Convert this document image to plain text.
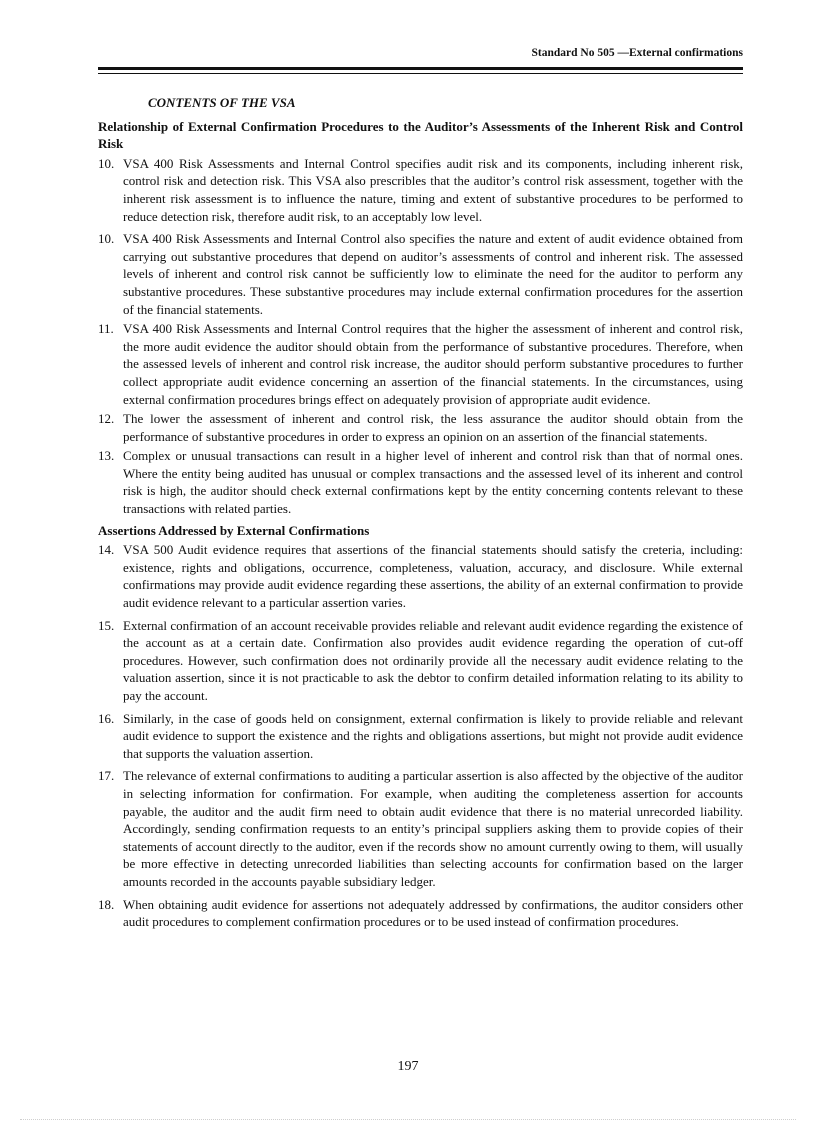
Standard No 505 —External confirmations
CONTENTS OF THE VSA
Relationship of External Confirmation Procedures to the Auditor’s Assessments of the Inherent Risk and Control Risk
10. VSA 400 Risk Assessments and Internal Control specifies audit risk and its components, including inherent risk, control risk and detection risk. This VSA also prescribles that the auditor’s control risk assessment, together with the inherent risk assessment is to influence the nature, timing and extent of substantive procedures to be performed to reduce detection risk, therefore audit risk, to an acceptably low level.
10. VSA 400 Risk Assessments and Internal Control also specifies the nature and extent of audit evidence obtained from carrying out substantive procedures that depend on auditor’s assessments of control and inherent risk. The assessed levels of inherent and control risk cannot be sufficiently low to eliminate the need for the auditor to perform any substantive procedures. These substantive procedures may include external confirmation procedures for the assertion of the financial statements.
11. VSA 400 Risk Assessments and Internal Control requires that the higher the assessment of inherent and control risk, the more audit evidence the auditor should obtain from the performance of substantive procedures. Therefore, when the assessed levels of inherent and control risk increase, the auditor should perform substantive procedures to further collect appropriate audit evidence concerning an assertion of the financial statements. In the circumstances, using external confirmation procedures brings effect on adequately provision of appropriate audit evidence.
12. The lower the assessment of inherent and control risk, the less assurance the auditor should obtain from the performance of substantive procedures in order to express an opinion on an assertion of the financial statements.
13. Complex or unusual transactions can result in a higher level of inherent and control risk than that of normal ones. Where the entity being audited has unusual or complex transactions and the assessed level of its inherent and control risk is high, the auditor should check external confirmations kept by the entity concerning contents relevant to these transactions with related parties.
Assertions Addressed by External Confirmations
14. VSA 500 Audit evidence requires that assertions of the financial statements should satisfy the creteria, including: existence, rights and obligations, occurrence, completeness, valuation, accuracy, and disclosure. While external confirmations may provide audit evidence regarding these assertions, the ability of an external confirmation to provide audit evidence relevant to a particular assertion varies.
15. External confirmation of an account receivable provides reliable and relevant audit evidence regarding the existence of the account as at a certain date. Confirmation also provides audit evidence regarding the operation of cut-off procedures. However, such confirmation does not ordinarily provide all the necessary audit evidence relating to the valuation assertion, since it is not practicable to ask the debtor to confirm detailed information relating to its ability to pay the account.
16. Similarly, in the case of goods held on consignment, external confirmation is likely to provide reliable and relevant audit evidence to support the existence and the rights and obligations assertions, but might not provide audit evidence that supports the valuation assertion.
17. The relevance of external confirmations to auditing a particular assertion is also affected by the objective of the auditor in selecting information for confirmation. For example, when auditing the completeness assertion for accounts payable, the auditor and the audit firm need to obtain audit evidence that there is no material unrecorded liability. Accordingly, sending confirmation requests to an entity’s principal suppliers asking them to provide copies of their statements of account directly to the auditor, even if the records show no amount currently owing to them, will usually be more effective in detecting unrecorded liabilities than selecting accounts for confirmation based on the larger amounts recorded in the accounts payable subsidiary ledger.
18. When obtaining audit evidence for assertions not adequately addressed by confirmations, the auditor considers other audit procedures to complement confirmation procedures or to be used instead of confirmation procedures.
197
